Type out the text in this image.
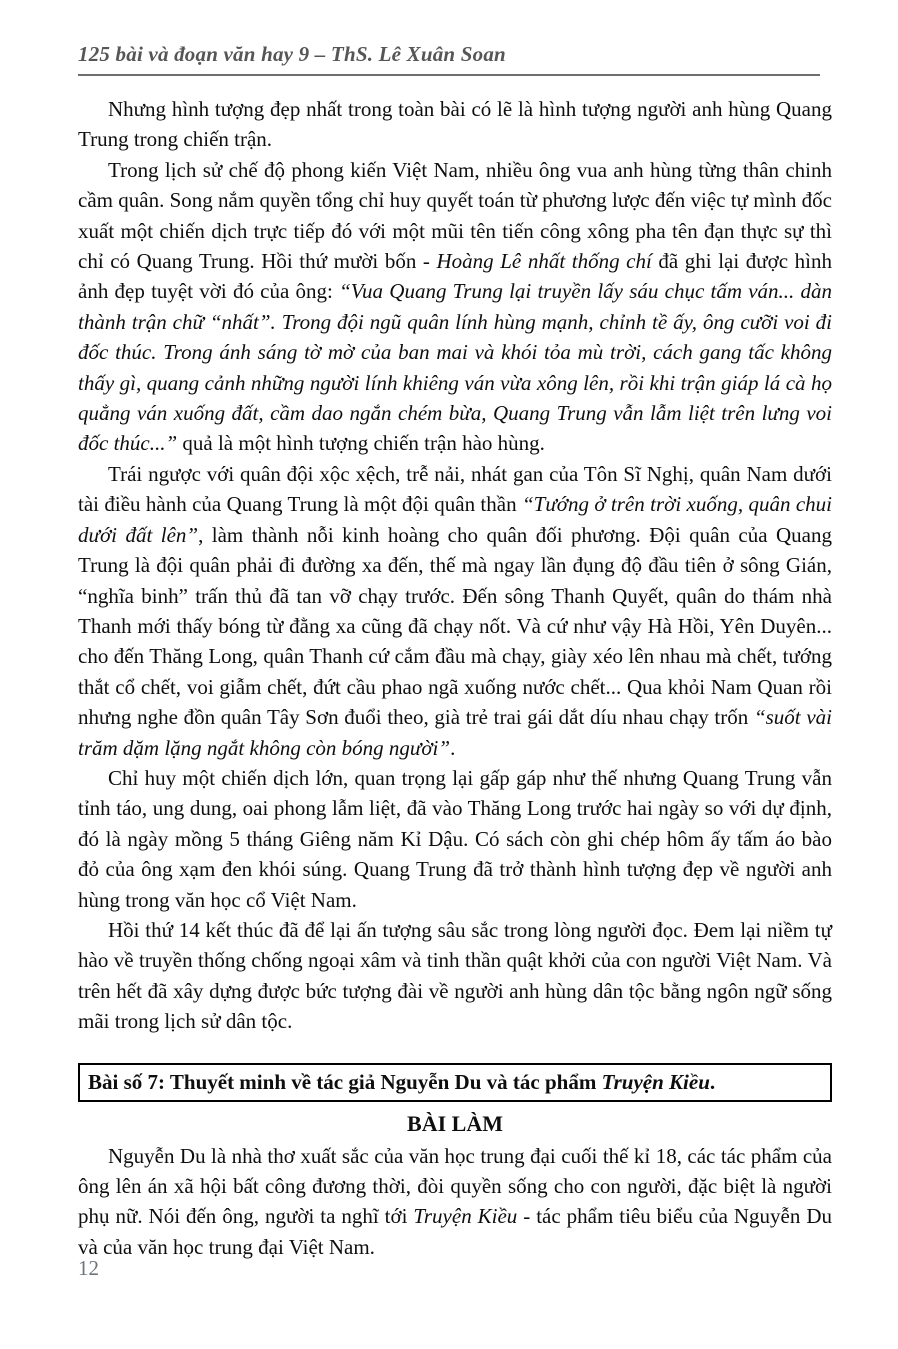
125 bài và đoạn văn hay 9 – ThS. Lê Xuân Soan

Nhưng hình tượng đẹp nhất trong toàn bài có lẽ là hình tượng người anh hùng Quang Trung trong chiến trận.

Trong lịch sử chế độ phong kiến Việt Nam, nhiều ông vua anh hùng từng thân chinh cầm quân. Song nắm quyền tổng chỉ huy quyết toán từ phương lược đến việc tự mình đốc xuất một chiến dịch trực tiếp đó với một mũi tên tiến công xông pha tên đạn thực sự thì chỉ có Quang Trung. Hồi thứ mười bốn - Hoàng Lê nhất thống chí đã ghi lại được hình ảnh đẹp tuyệt vời đó của ông: “Vua Quang Trung lại truyền lấy sáu chục tấm ván... dàn thành trận chữ “nhất”. Trong đội ngũ quân lính hùng mạnh, chỉnh tề ấy, ông cưỡi voi đi đốc thúc. Trong ánh sáng tờ mờ của ban mai và khói tỏa mù trời, cách gang tấc không thấy gì, quang cảnh những người lính khiêng ván vừa xông lên, rồi khi trận giáp lá cà họ quẳng ván xuống đất, cầm dao ngắn chém bừa, Quang Trung vẫn lẫm liệt trên lưng voi đốc thúc...” quả là một hình tượng chiến trận hào hùng.

Trái ngược với quân đội xộc xệch, trễ nải, nhát gan của Tôn Sĩ Nghị, quân Nam dưới tài điều hành của Quang Trung là một đội quân thần “Tướng ở trên trời xuống, quân chui dưới đất lên”, làm thành nỗi kinh hoàng cho quân đối phương. Đội quân của Quang Trung là đội quân phải đi đường xa đến, thế mà ngay lần đụng độ đầu tiên ở sông Gián, “nghĩa binh” trấn thủ đã tan vỡ chạy trước. Đến sông Thanh Quyết, quân do thám nhà Thanh mới thấy bóng từ đằng xa cũng đã chạy nốt. Và cứ như vậy Hà Hồi, Yên Duyên... cho đến Thăng Long, quân Thanh cứ cắm đầu mà chạy, giày xéo lên nhau mà chết, tướng thắt cổ chết, voi giẫm chết, đứt cầu phao ngã xuống nước chết... Qua khỏi Nam Quan rồi nhưng nghe đồn quân Tây Sơn đuổi theo, già trẻ trai gái dắt díu nhau chạy trốn “suốt vài trăm dặm lặng ngắt không còn bóng người”.

Chỉ huy một chiến dịch lớn, quan trọng lại gấp gáp như thế nhưng Quang Trung vẫn tỉnh táo, ung dung, oai phong lẫm liệt, đã vào Thăng Long trước hai ngày so với dự định, đó là ngày mồng 5 tháng Giêng năm Kỉ Dậu. Có sách còn ghi chép hôm ấy tấm áo bào đỏ của ông xạm đen khói súng. Quang Trung đã trở thành hình tượng đẹp về người anh hùng trong văn học cổ Việt Nam.

Hồi thứ 14 kết thúc đã để lại ấn tượng sâu sắc trong lòng người đọc. Đem lại niềm tự hào về truyền thống chống ngoại xâm và tinh thần quật khởi của con người Việt Nam. Và trên hết đã xây dựng được bức tượng đài về người anh hùng dân tộc bằng ngôn ngữ sống mãi trong lịch sử dân tộc.

Bài số 7: Thuyết minh về tác giả Nguyễn Du và tác phẩm Truyện Kiều.
BÀI LÀM

Nguyễn Du là nhà thơ xuất sắc của văn học trung đại cuối thế kỉ 18, các tác phẩm của ông lên án xã hội bất công đương thời, đòi quyền sống cho con người, đặc biệt là người phụ nữ. Nói đến ông, người ta nghĩ tới Truyện Kiều - tác phẩm tiêu biểu của Nguyễn Du và của văn học trung đại Việt Nam.

12
